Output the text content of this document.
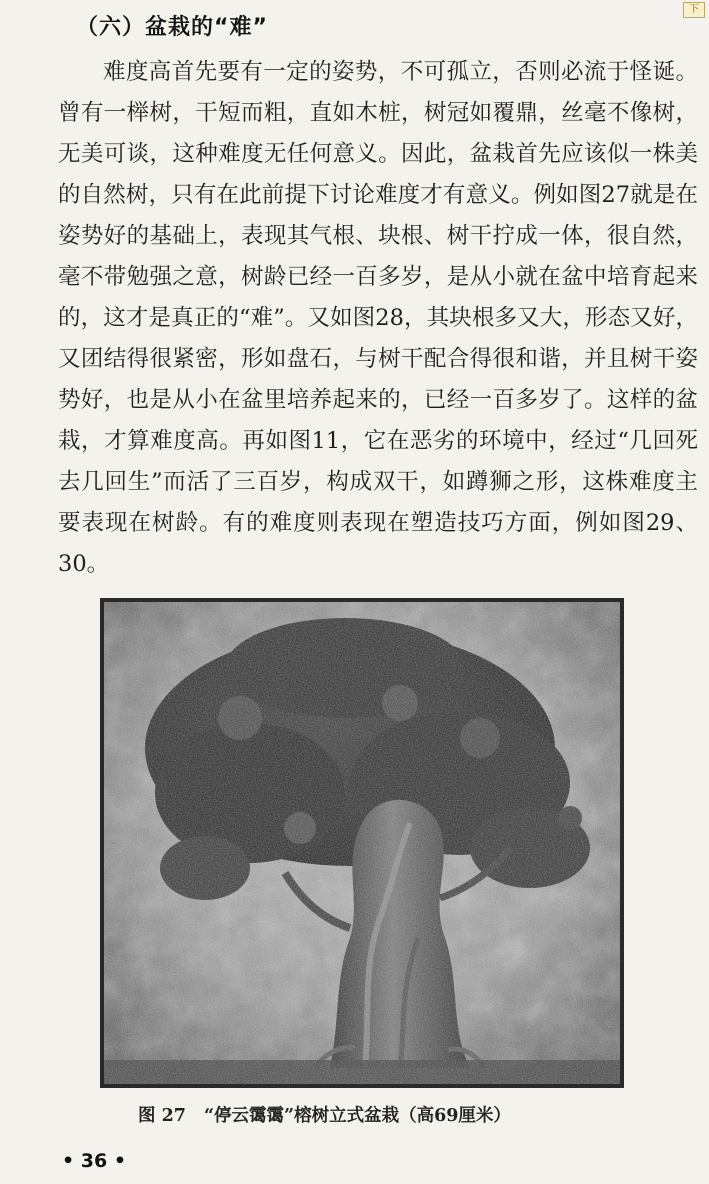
下
（六）盆栽的“难”

难度高首先要有一定的姿势，不可孤立，否则必流于怪诞。曾有一榉树，干短而粗，直如木桩，树冠如覆鼎，丝毫不像树，无美可谈，这种难度无任何意义。因此，盆栽首先应该似一株美的自然树，只有在此前提下讨论难度才有意义。例如图27就是在姿势好的基础上，表现其气根、块根、树干拧成一体，很自然，毫不带勉强之意，树龄已经一百多岁，是从小就在盆中培育起来的，这才是真正的“难”。又如图28，其块根多又大，形态又好，又团结得很紧密，形如盘石，与树干配合得很和谐，并且树干姿势好，也是从小在盆里培养起来的，已经一百多岁了。这样的盆栽，才算难度高。再如图11，它在恶劣的环境中，经过“几回死去几回生”而活了三百岁，构成双干，如蹲狮之形，这株难度主要表现在树龄。有的难度则表现在塑造技巧方面，例如图29、30。

图 27 “停云霭霭”榕树立式盆栽（高69厘米）
• 36 •
